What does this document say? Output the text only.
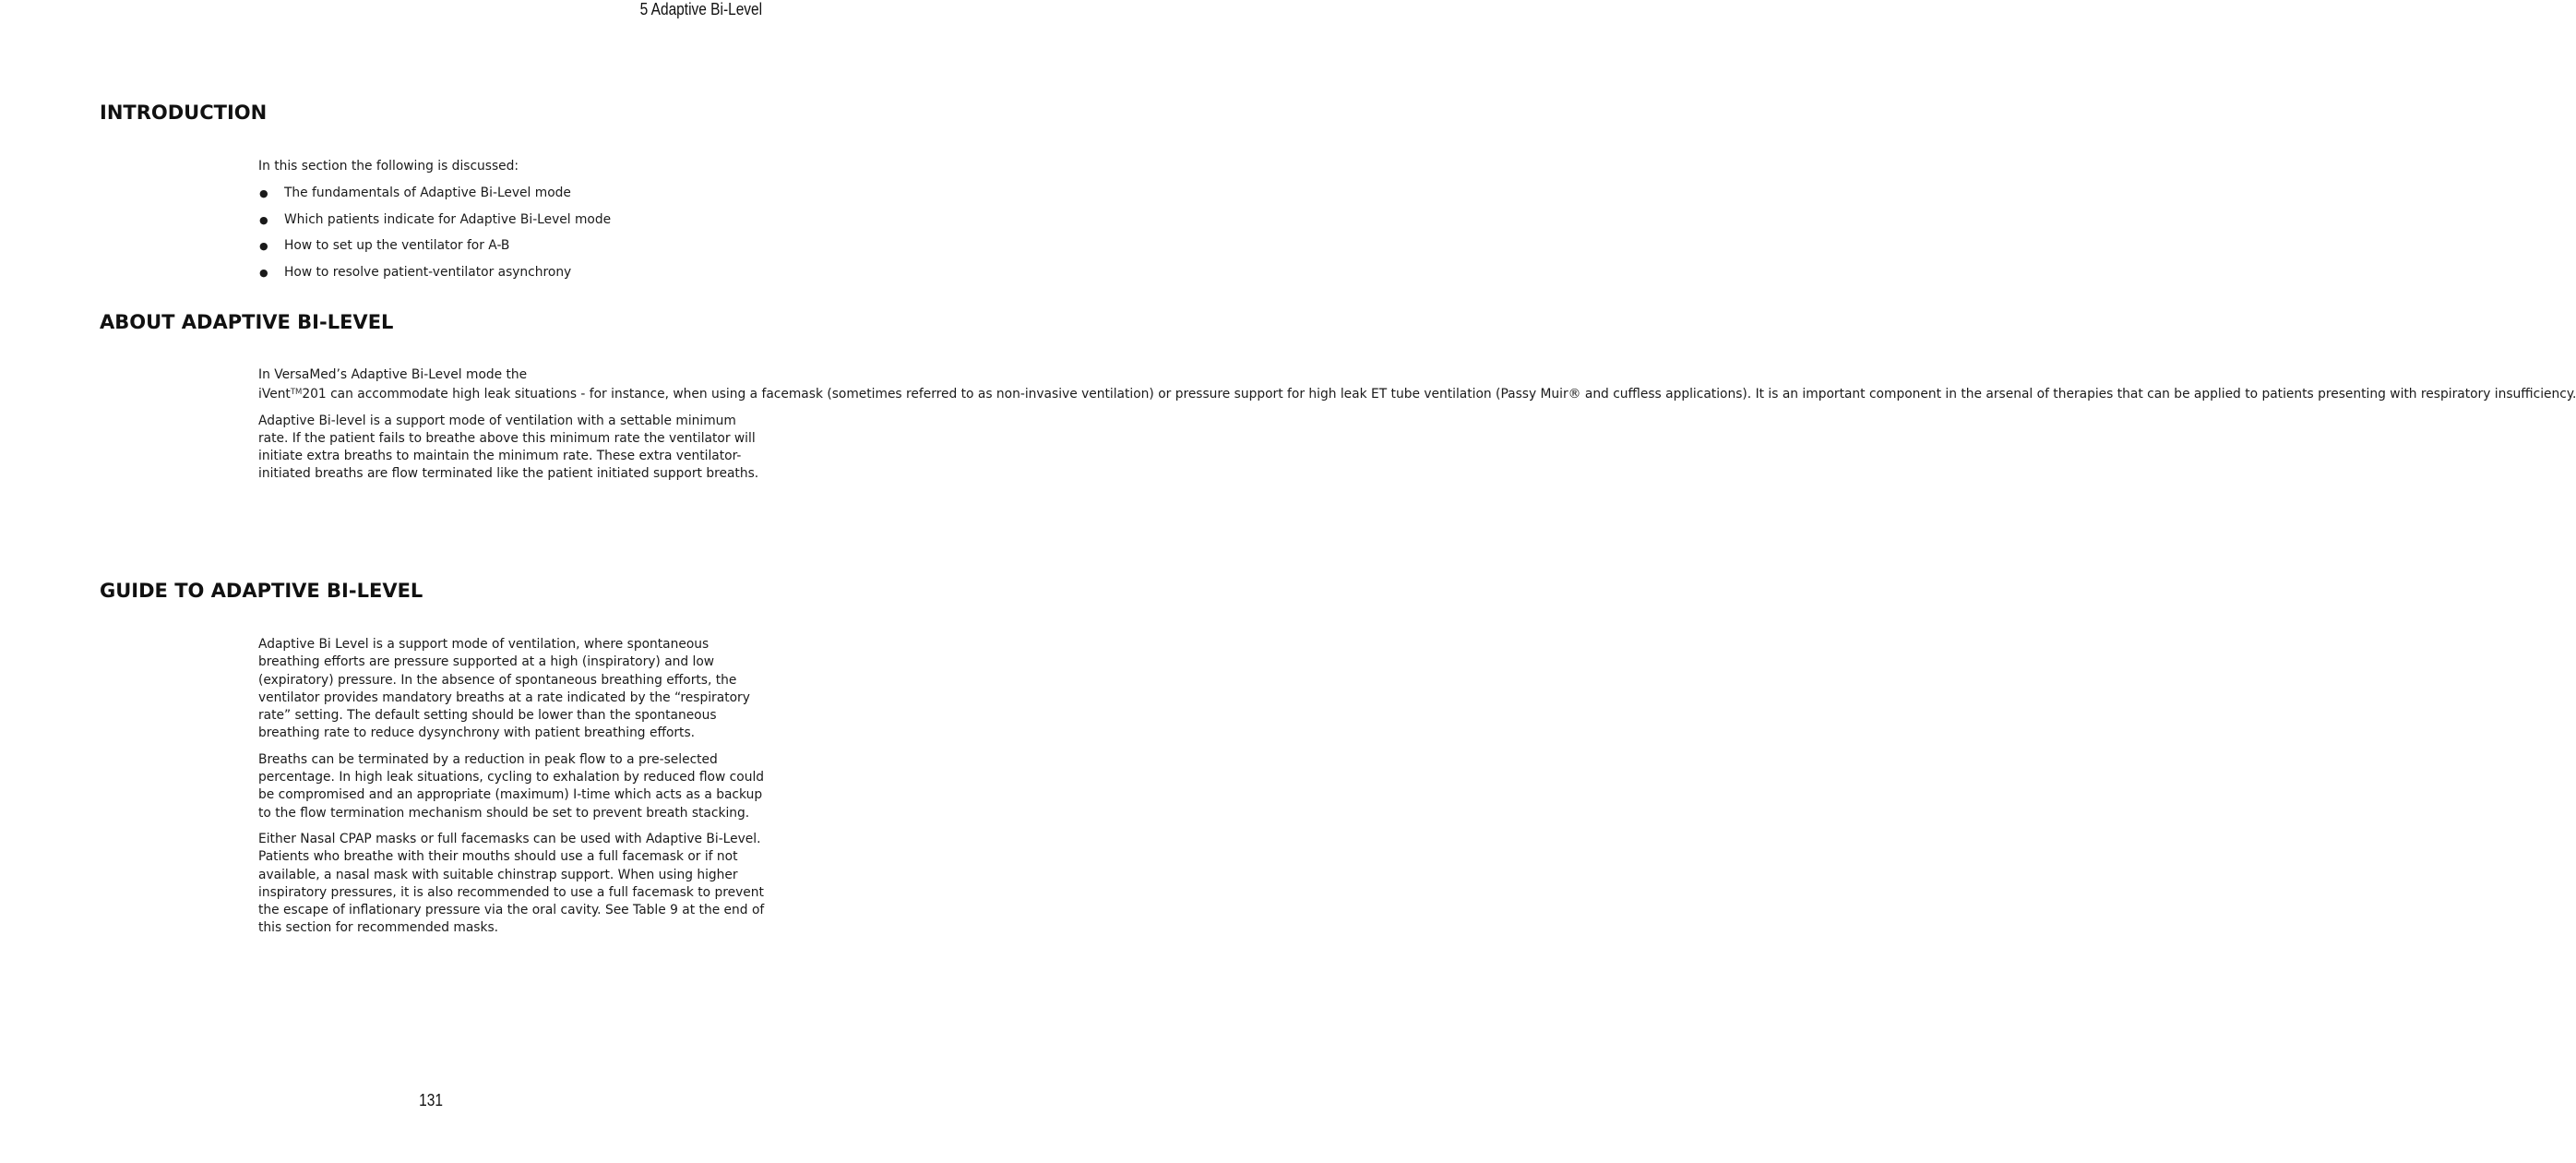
5 Adaptive Bi-Level
INTRODUCTION

In this section the following is discussed:

● The fundamentals of Adaptive Bi-Level mode
● Which patients indicate for Adaptive Bi-Level mode
● How to set up the ventilator for A-B
● How to resolve patient-ventilator asynchrony
ABOUT ADAPTIVE BI-LEVEL

In VersaMed’s Adaptive Bi-Level mode the iVent™201 can accommodate high leak situations - for instance, when using a facemask (sometimes referred to as non-invasive ventilation) or pressure support for high leak ET tube ventilation (Passy Muir® and cuffless applications). It is an important component in the arsenal of therapies that can be applied to patients presenting with respiratory insufficiency.

Adaptive Bi-level is a support mode of ventilation with a settable minimum rate. If the patient fails to breathe above this minimum rate the ventilator will initiate extra breaths to maintain the minimum rate. These extra ventilator-initiated breaths are flow terminated like the patient initiated support breaths.

GUIDE TO ADAPTIVE BI-LEVEL

Adaptive Bi Level is a support mode of ventilation, where spontaneous breathing efforts are pressure supported at a high (inspiratory) and low (expiratory) pressure. In the absence of spontaneous breathing efforts, the ventilator provides mandatory breaths at a rate indicated by the “respiratory rate” setting. The default setting should be lower than the spontaneous breathing rate to reduce dysynchrony with patient breathing efforts.

Breaths can be terminated by a reduction in peak flow to a pre-selected percentage. In high leak situations, cycling to exhalation by reduced flow could be compromised and an appropriate (maximum) I-time which acts as a backup to the flow termination mechanism should be set to prevent breath stacking.

Either Nasal CPAP masks or full facemasks can be used with Adaptive Bi-Level. Patients who breathe with their mouths should use a full facemask or if not available, a nasal mask with suitable chinstrap support. When using higher inspiratory pressures, it is also recommended to use a full facemask to prevent the escape of inflationary pressure via the oral cavity. See Table 9 at the end of this section for recommended masks.

131
